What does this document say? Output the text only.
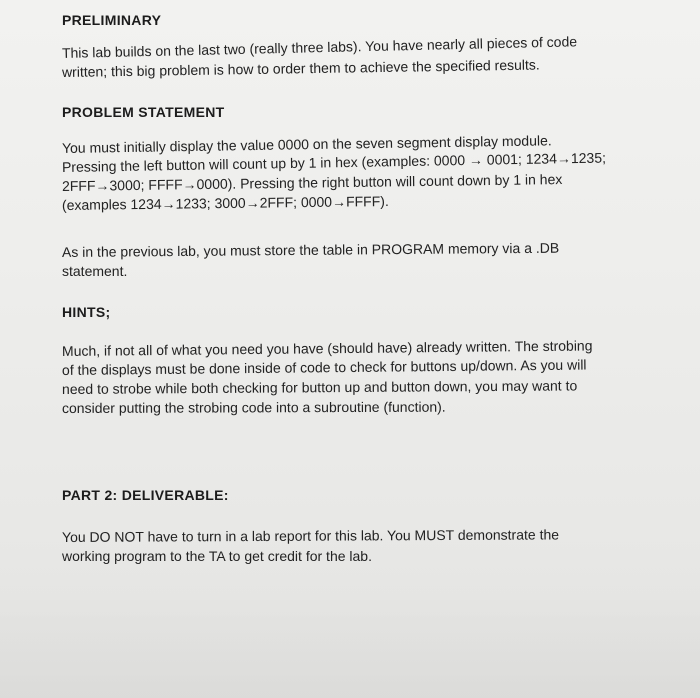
PRELIMINARY
This lab builds on the last two (really three labs). You have nearly all pieces of code
written; this big problem is how to order them to achieve the specified results.
PROBLEM STATEMENT
You must initially display the value 0000 on the seven segment display module.
Pressing the left button will count up by 1 in hex (examples: 0000 → 0001; 1234→1235;
2FFF→3000; FFFF→0000). Pressing the right button will count down by 1 in hex
(examples 1234→1233; 3000→2FFF; 0000→FFFF).
As in the previous lab, you must store the table in PROGRAM memory via a .DB
statement.
HINTS;
Much, if not all of what you need you have (should have) already written. The strobing
of the displays must be done inside of code to check for buttons up/down. As you will
need to strobe while both checking for button up and button down, you may want to
consider putting the strobing code into a subroutine (function).
PART 2: DELIVERABLE:
You DO NOT have to turn in a lab report for this lab. You MUST demonstrate the
working program to the TA to get credit for the lab.
